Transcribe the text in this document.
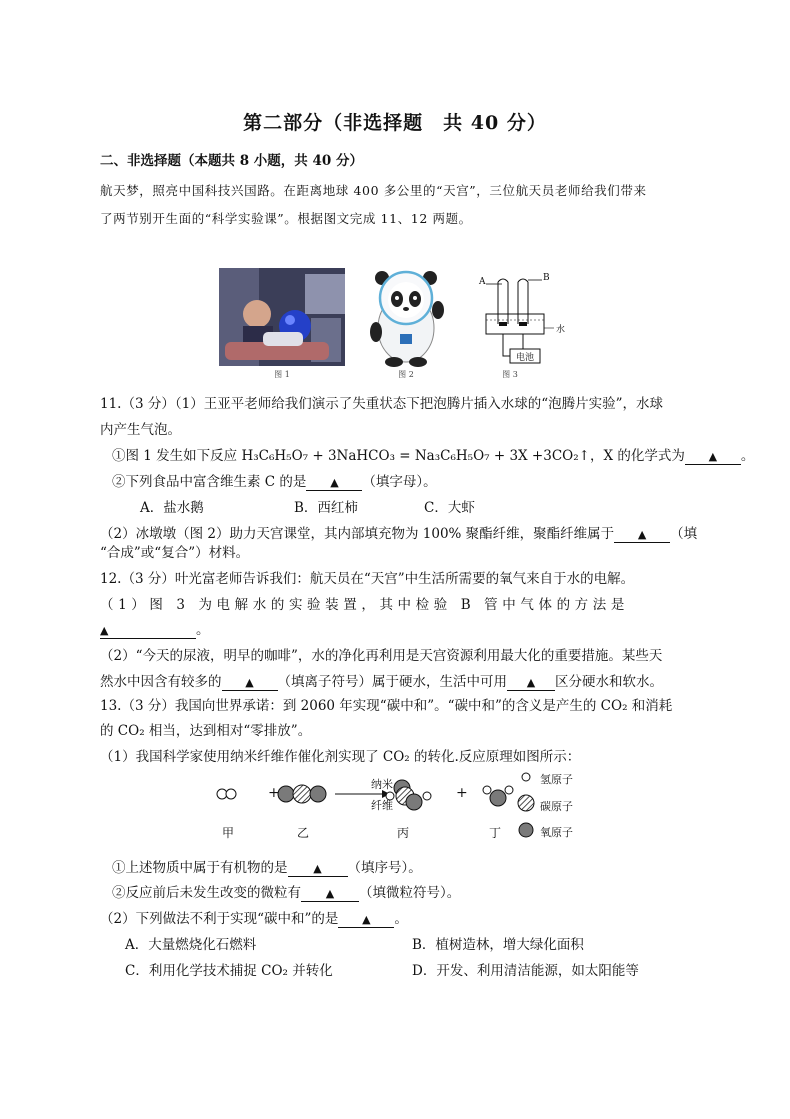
第二部分（非选择题　共 40 分）
二、非选择题（本题共 8 小题，共 40 分）
航天梦，照亮中国科技兴国路。在距离地球 400 多公里的“天宫”，三位航天员老师给我们带来
了两节别开生面的“科学实验课”。根据图文完成 11、12 两题。
图 1	图 2
A	B
水
电池
图 3
11.（3 分）（1）王亚平老师给我们演示了失重状态下把泡腾片插入水球的“泡腾片实验”，水球
内产生气泡。
①图 1 发生如下反应 H₃C₆H₅O₇ + 3NaHCO₃ = Na₃C₆H₅O₇ + 3X +3CO₂↑，X 的化学式为 ▲ 。
②下列食品中富含维生素 C 的是 ▲ （填字母）。
A．盐水鹅	B．西红柿	C．大虾
（2）冰墩墩（图 2）助力天宫课堂，其内部填充物为 100% 聚酯纤维，聚酯纤维属于 ▲ （填
“合成”或“复合”）材料。
12.（3 分）叶光富老师告诉我们：航天员在“天宫”中生活所需要的氧气来自于水的电解。
（1）图 3 为电解水的实验装置，其中检验 B 管中气体的方法是
▲	。
（2）“今天的尿液，明早的咖啡”，水的净化再利用是天宫资源利用最大化的重要措施。某些天
然水中因含有较多的 ▲ （填离子符号）属于硬水，生活中可用 ▲ 区分硬水和软水。
13.（3 分）我国向世界承诺：到 2060 年实现“碳中和”。“碳中和”的含义是产生的 CO₂ 和消耗
的 CO₂ 相当，达到相对“零排放”。
（1）我国科学家使用纳米纤维作催化剂实现了 CO₂ 的转化.反应原理如图所示：
+	+
纳米
纤维
甲	乙	丙	丁
氢原子
碳原子
氧原子
①上述物质中属于有机物的是 ▲ （填序号）。
②反应前后未发生改变的微粒有 ▲ （填微粒符号）。
（2）下列做法不利于实现“碳中和”的是 ▲ 。
A．大量燃烧化石燃料	B．植树造林，增大绿化面积
C．利用化学技术捕捉 CO₂ 并转化	D．开发、利用清洁能源，如太阳能等
